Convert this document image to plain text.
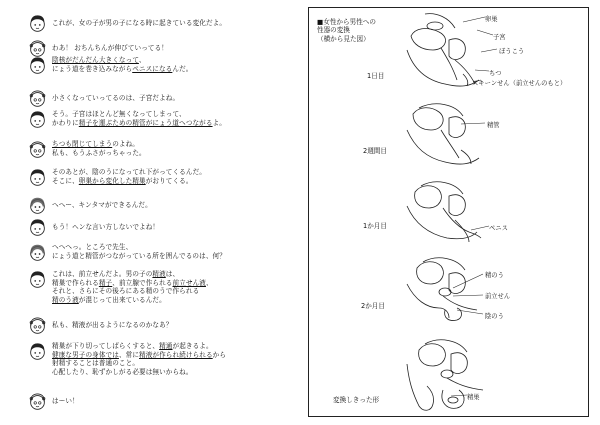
これが、女の子が男の子になる時に起きている変化だよ。
わあ！ おちんちんが伸びていってる！
陰核がだんだん大きくなって、
にょう道を巻き込みながらペニスになるんだ。
小さくなっていってるのは、子宮だよね。
そう。子宮はほとんど無くなってしまって、
かわりに精子を運ぶための精管がにょう道へつながるよ。
ちつも閉じてしまうのよね。
私も、もうふさがっちゃった。
そのあとが、陰のうになってれ下がってくるんだ。
そこに、卵巣から変化した精巣がおりてくる。
へへー、キンタマができるんだ。
もう！ヘンな言い方しないでよね！
へへへっ。ところで先生、
にょう道と精管がつながっている所を囲んでるのは、何？
これは、前立せんだよ。男の子の精液は、
精巣で作られる精子、前立腺で作られる前立せん液、
それと、さらにその後ろにある精のうで作られる
精のう液が混じって出来ているんだ。
私も、精液が出るようになるのかなあ？
精巣が下り切ってしばらくすると、精通が起きるよ。
健康な男子の身体では、常に精液が作られ続けられるから
射精することは普通のこと。
心配したり、恥ずかしがる必要は無いからね。
はーい！
■女性から男性への
性器の変換
（横から見た図）
1日目
卵巣
子宮
ぼうこう
ちつ
スキーンせん（前立せんのもと）
2週間目
精管
1か月目	ペニス
2か月目
精のう
前立せん
陰のう
変換しきった形	精巣
